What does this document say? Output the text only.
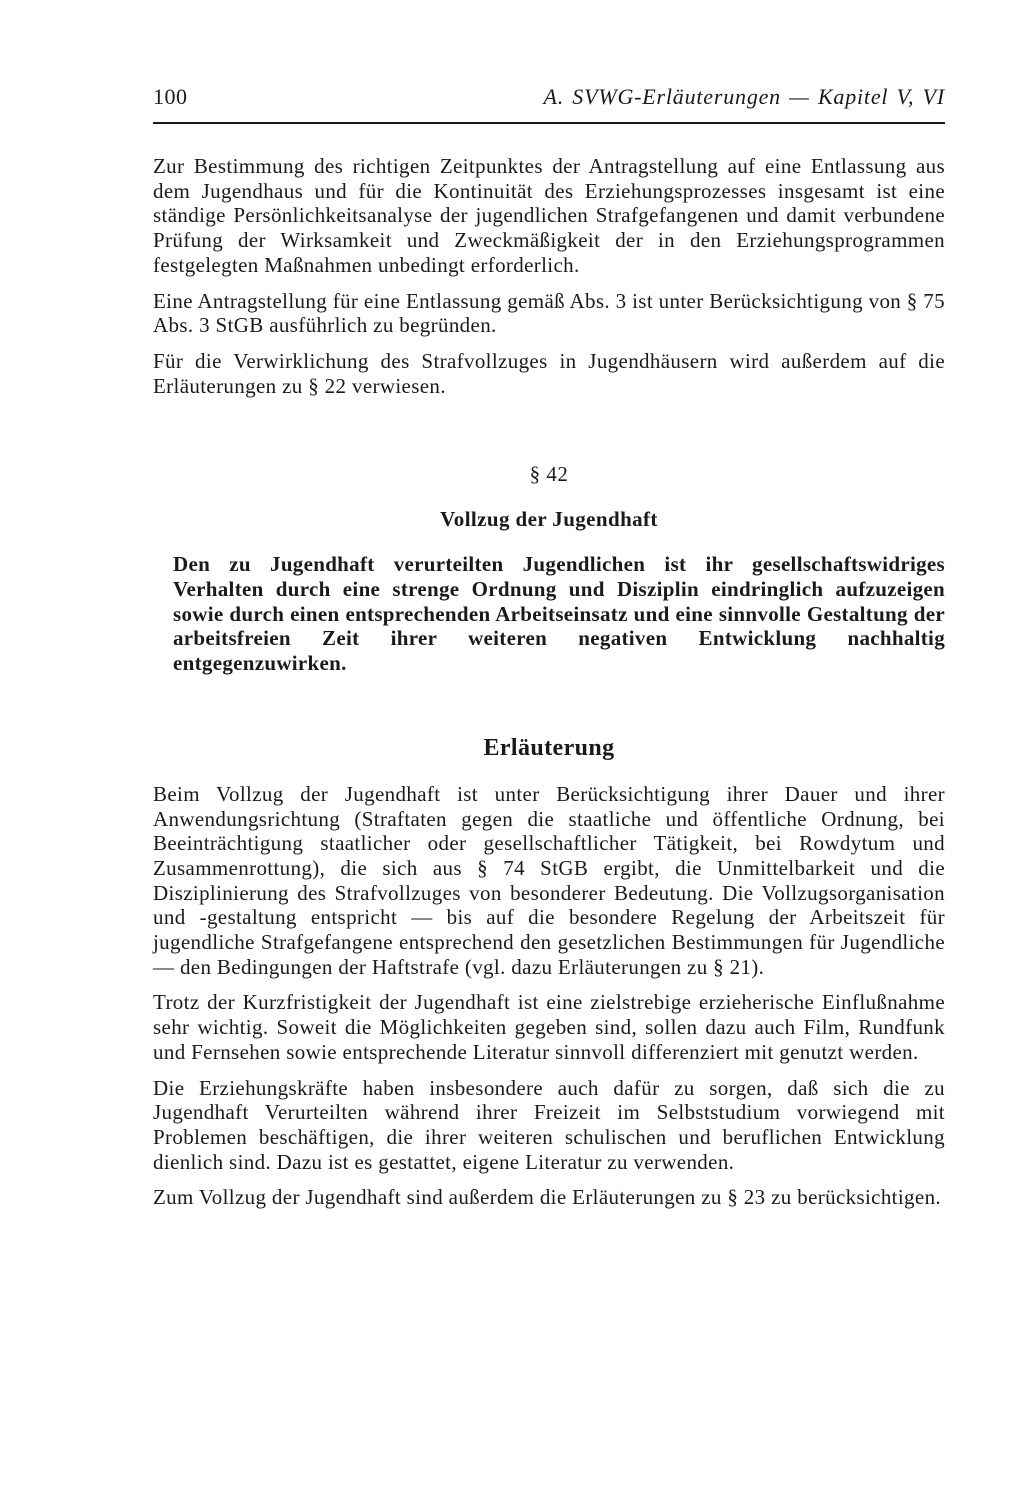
100	A. SVWG-Erläuterungen — Kapitel V, VI

Zur Bestimmung des richtigen Zeitpunktes der Antragstellung auf eine Entlassung aus dem Jugendhaus und für die Kontinuität des Erziehungsprozesses insgesamt ist eine ständige Persönlichkeitsanalyse der jugendlichen Strafgefangenen und damit verbundene Prüfung der Wirksamkeit und Zweckmäßigkeit der in den Erziehungsprogrammen festgelegten Maßnahmen unbedingt erforderlich.

Eine Antragstellung für eine Entlassung gemäß Abs. 3 ist unter Berücksichtigung von § 75 Abs. 3 StGB ausführlich zu begründen.

Für die Verwirklichung des Strafvollzuges in Jugendhäusern wird außerdem auf die Erläuterungen zu § 22 verwiesen.

§ 42
Vollzug der Jugendhaft

Den zu Jugendhaft verurteilten Jugendlichen ist ihr gesellschaftswidriges Verhalten durch eine strenge Ordnung und Disziplin eindringlich aufzuzeigen sowie durch einen entsprechenden Arbeitseinsatz und eine sinnvolle Gestaltung der arbeitsfreien Zeit ihrer weiteren negativen Entwicklung nachhaltig entgegenzuwirken.

Erläuterung

Beim Vollzug der Jugendhaft ist unter Berücksichtigung ihrer Dauer und ihrer Anwendungsrichtung (Straftaten gegen die staatliche und öffentliche Ordnung, bei Beeinträchtigung staatlicher oder gesellschaftlicher Tätigkeit, bei Rowdytum und Zusammenrottung), die sich aus § 74 StGB ergibt, die Unmittelbarkeit und die Disziplinierung des Strafvollzuges von besonderer Bedeutung. Die Vollzugsorganisation und -gestaltung entspricht — bis auf die besondere Regelung der Arbeitszeit für jugendliche Strafgefangene entsprechend den gesetzlichen Bestimmungen für Jugendliche — den Bedingungen der Haftstrafe (vgl. dazu Erläuterungen zu § 21).

Trotz der Kurzfristigkeit der Jugendhaft ist eine zielstrebige erzieherische Einflußnahme sehr wichtig. Soweit die Möglichkeiten gegeben sind, sollen dazu auch Film, Rundfunk und Fernsehen sowie entsprechende Literatur sinnvoll differenziert mit genutzt werden.

Die Erziehungskräfte haben insbesondere auch dafür zu sorgen, daß sich die zu Jugendhaft Verurteilten während ihrer Freizeit im Selbststudium vorwiegend mit Problemen beschäftigen, die ihrer weiteren schulischen und beruflichen Entwicklung dienlich sind. Dazu ist es gestattet, eigene Literatur zu verwenden.

Zum Vollzug der Jugendhaft sind außerdem die Erläuterungen zu § 23 zu berücksichtigen.
